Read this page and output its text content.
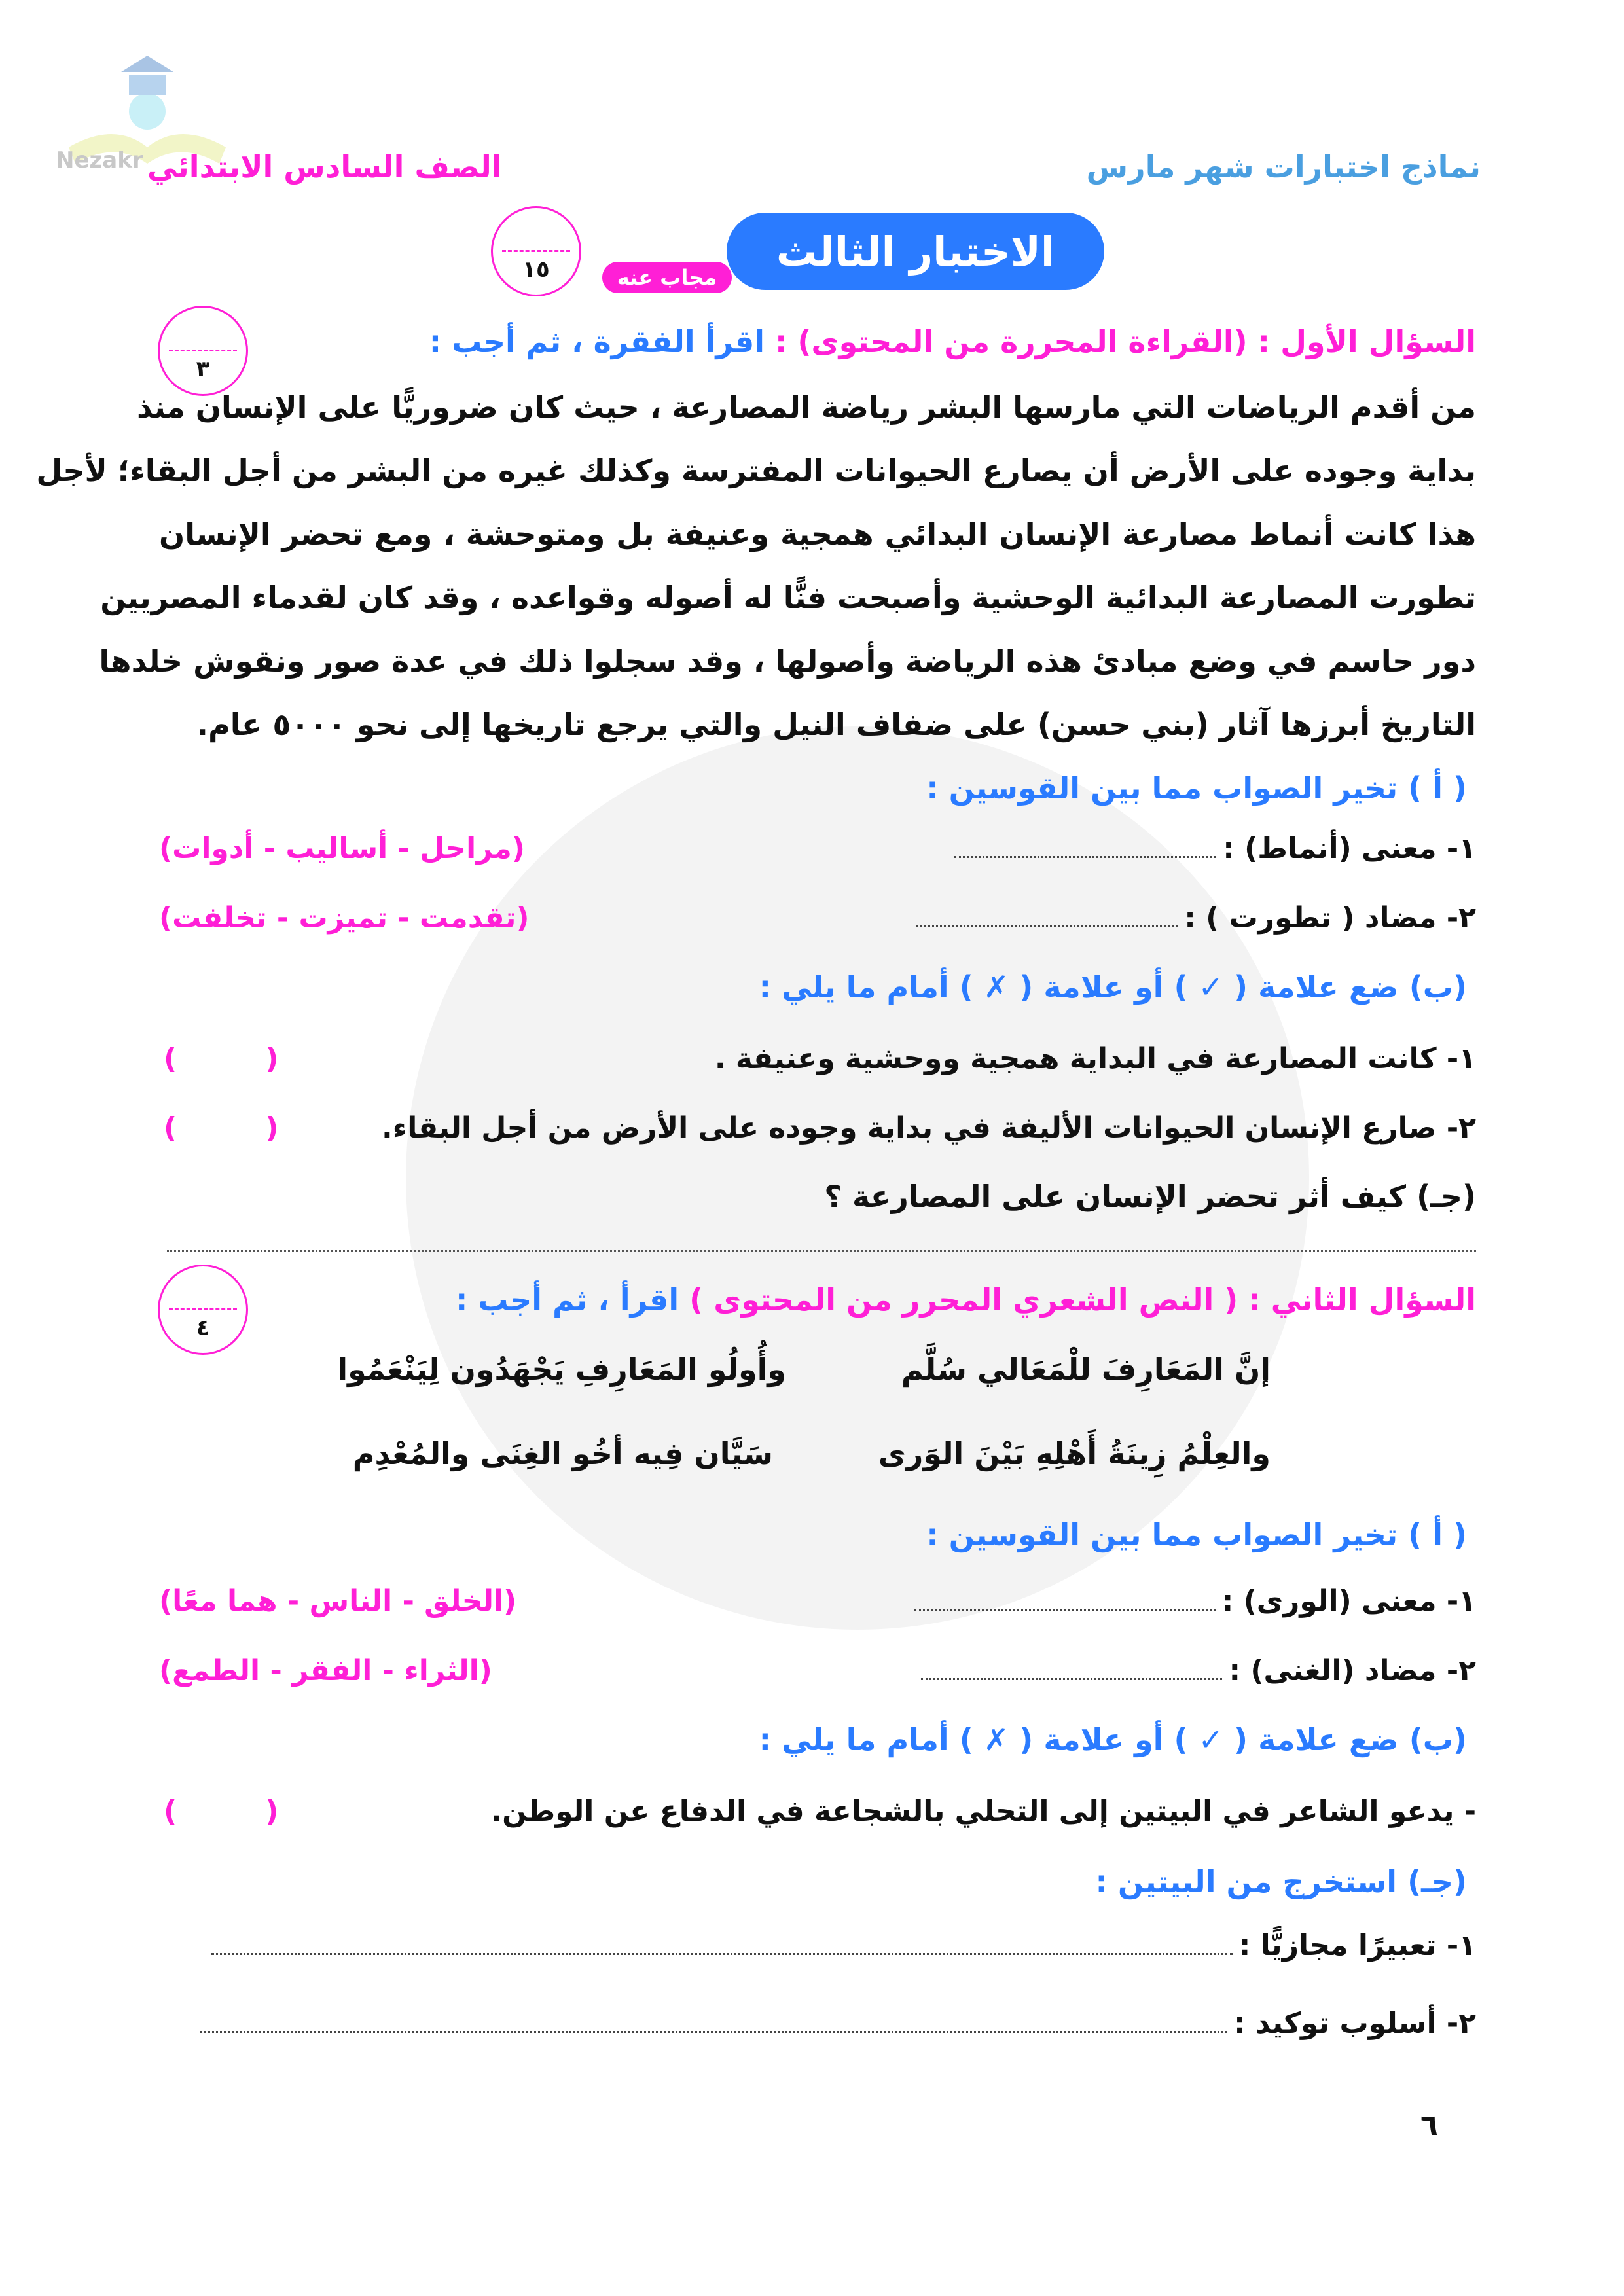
Nezakr	نماذج اختبارات شهر مارس
الصف السادس الابتدائي
الاختبار الثالث
مجاب عنه
١٥
٣
السؤال الأول : (القراءة المحررة من المحتوى) : اقرأ الفقرة ، ثم أجب :
من أقدم الرياضات التي مارسها البشر رياضة المصارعة ، حيث كان ضروريًّا على الإنسان منذ
بداية وجوده على الأرض أن يصارع الحيوانات المفترسة وكذلك غيره من البشر من أجل البقاء؛ لأجل
هذا كانت أنماط مصارعة الإنسان البدائي همجية وعنيفة بل ومتوحشة ، ومع تحضر الإنسان
تطورت المصارعة البدائية الوحشية وأصبحت فنًّا له أصوله وقواعده ، وقد كان لقدماء المصريين
دور حاسم في وضع مبادئ هذه الرياضة وأصولها ، وقد سجلوا ذلك في عدة صور ونقوش خلدها
التاريخ أبرزها آثار (بني حسن) على ضفاف النيل والتي يرجع تاريخها إلى نحو ٥٠٠٠ عام.
( أ ) تخير الصواب مما بين القوسين :
١- معنى (أنماط) :
(مراحل - أساليب - أدوات)
٢- مضاد ( تطورت ) :
(تقدمت - تميزت - تخلفت)
(ب) ضع علامة ( ✓ ) أو علامة ( ✗ ) أمام ما يلي :
١- كانت المصارعة في البداية همجية ووحشية وعنيفة .
( )
٢- صارع الإنسان الحيوانات الأليفة في بداية وجوده على الأرض من أجل البقاء.
( )
(جـ) كيف أثر تحضر الإنسان على المصارعة ؟
٤
السؤال الثاني : ( النص الشعري المحرر من المحتوى ) اقرأ ، ثم أجب :
إنَّ المَعَارِفَ للْمَعَالي سُلَّم
وأُولُو المَعَارِفِ يَجْهَدُون لِيَنْعَمُوا
والعِلْمُ زِينَةُ أَهْلِهِ بَيْنَ الوَرى
سَيَّان فِيه أخُو الغِنَى والمُعْدِم
( أ ) تخير الصواب مما بين القوسين :
١- معنى (الورى) :
(الخلق - الناس - هما معًا)
٢- مضاد (الغنى) :
(الثراء - الفقر - الطمع)
(ب) ضع علامة ( ✓ ) أو علامة ( ✗ ) أمام ما يلي :
- يدعو الشاعر في البيتين إلى التحلي بالشجاعة في الدفاع عن الوطن.
( )
(جـ) استخرج من البيتين :
١- تعبيرًا مجازيًّا :
٢- أسلوب توكيد :
٦
